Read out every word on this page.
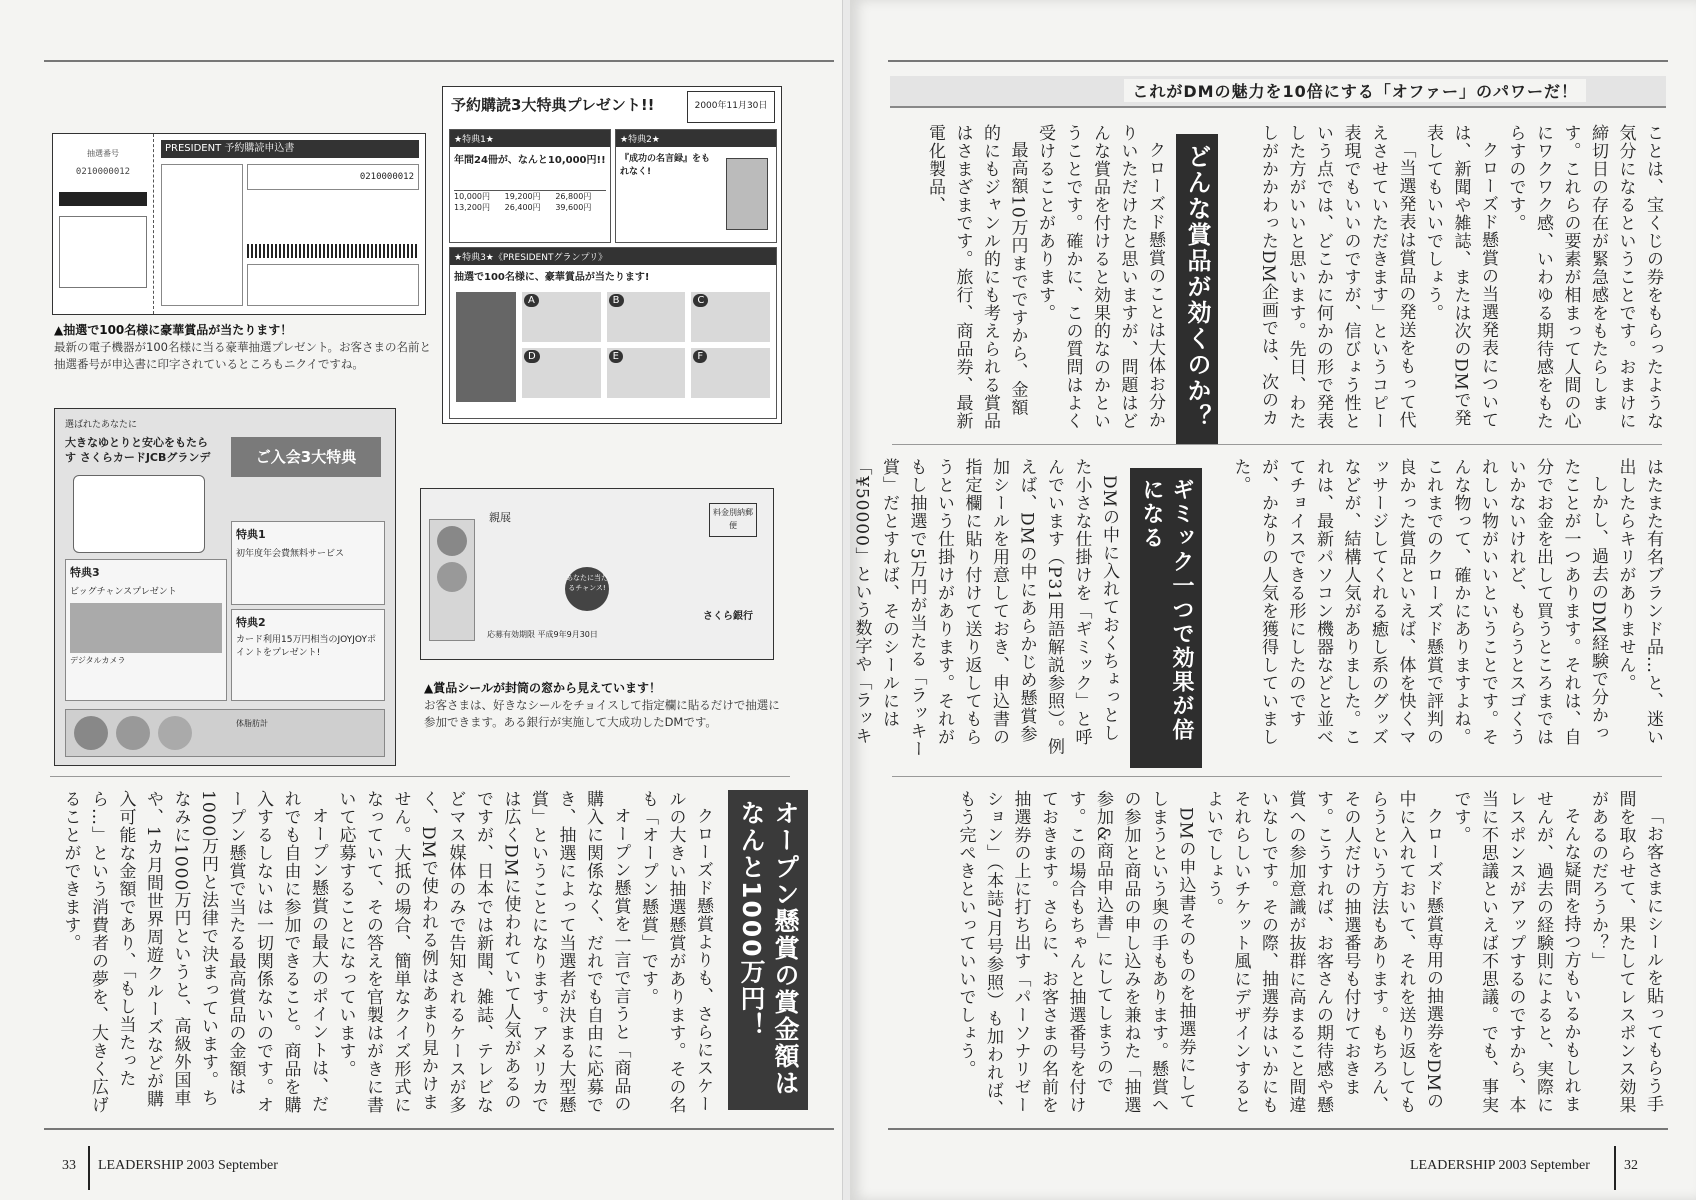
抽選番号
0210000012
PRESIDENT 予約購読申込書
0210000012
▲抽選で100名様に豪華賞品が当たります！
最新の電子機器が100名様に当る豪華抽選プレゼント。お客さまの名前と抽選番号が申込書に印字されているところもニクイですね。
予約購読3大特典プレゼント!!	2000年11月30日
★特典1★
年間24冊が、なんと10,000円!!
10,000円	19,200円	26,800円
13,200円	26,400円	39,600円
★特典2★
『成功の名言録』をもれなく!
★特典3★《PRESIDENTグランプリ》
抽選で100名様に、豪華賞品が当たります!
A	B	C
D	E	F
選ばれたあなたに
大きなゆとりと安心をもたらす さくらカードJCBグランデ	ご入会3大特典
特典3
ビッグチャンスプレゼント
デジタルカメラ
特典1
初年度年会費無料サービス
特典2
カード利用15万円相当のJOYJOYポイントをプレゼント!
体脂肪計
親展	料金別納郵便
あなたに当たるチャンス!
さくら銀行
応募有効期限 平成9年9月30日
▲賞品シールが封筒の窓から見えています！
お客さまは、好きなシールをチョイスして指定欄に貼るだけで抽選に参加できます。ある銀行が実施して大成功したDMです。
オープン懸賞の賞金額はなんと1000万円！

クローズド懸賞よりも、さらにスケールの大きい抽選懸賞があります。その名も「オープン懸賞」です。

オープン懸賞を一言で言うと「商品の購入に関係なく、だれでも自由に応募でき、抽選によって当選者が決まる大型懸賞」ということになります。アメリカでは広くDMに使われていて人気があるのですが、日本では新聞、雑誌、テレビなどマス媒体のみで告知されるケースが多く、DMで使われる例はあまり見かけません。大抵の場合、簡単なクイズ形式になっていて、その答えを官製はがきに書いて応募することになっています。

オープン懸賞の最大のポイントは、だれでも自由に参加できること。商品を購入するしないは一切関係ないのです。オープン懸賞で当たる最高賞品の金額は1000万円と法律で決まっています。ちなみに1000万円というと、高級外国車や、1カ月間世界周遊クルーズなどが購入可能な金額であり、「もし当たったら…」という消費者の夢を、大きく広げることができます。

33 LEADERSHIP 2003 September
これがDMの魅力を10倍にする「オファー」のパワーだ！

ことは、宝くじの券をもらったような気分になるということです。おまけに締切日の存在が緊急感をもたらします。これらの要素が相まって人間の心にワクワク感、いわゆる期待感をもたらすのです。

クローズド懸賞の当選発表については、新聞や雑誌、または次のDMで発表してもいいでしょう。

「当選発表は賞品の発送をもって代えさせていただきます」というコピー表現でもいいのですが、信びょう性という点では、どこかに何かの形で発表した方がいいと思います。先日、わたしがかかわったDM企画では、次のカ

どんな賞品が効くのか？

クローズド懸賞のことは大体お分かりいただけたと思いますが、問題はどんな賞品を付けると効果的なのかということです。確かに、この質問はよく受けることがあります。

最高額10万円までですから、金額的にもジャンル的にも考えられる賞品はさまざまです。旅行、商品券、最新電化製品、

はたまた有名ブランド品…と、迷い出したらキリがありません。

しかし、過去のDM経験で分かったことが一つあります。それは、自分でお金を出して買うところまではいかないけれど、もらうとスゴくうれしい物がいいということです。そんな物って、確かにありますよね。これまでのクローズド懸賞で評判の良かった賞品といえば、体を快くマッサージしてくれる癒し系のグッズなどが、結構人気がありました。これは、最新パソコン機器などと並べてチョイスできる形にしたのですが、かなりの人気を獲得していました。

ギミック一つで効果が倍になる

DMの中に入れておくちょっとした小さな仕掛けを「ギミック」と呼んでいます（P31用語解説参照）。例えば、DMの中にあらかじめ懸賞参加シールを用意しておき、申込書の指定欄に貼り付けて送り返してもらうという仕掛けがあります。それがもし抽選で5万円が当たる「ラッキー賞」だとすれば、そのシールには「¥50000」という数字や「ラッキ

「お客さまにシールを貼ってもらう手間を取らせて、果たしてレスポンス効果があるのだろうか？」

そんな疑問を持つ方もいるかもしれませんが、過去の経験則によると、実際にレスポンスがアップするのですから、本当に不思議といえば不思議。でも、事実です。

クローズド懸賞専用の抽選券をDMの中に入れておいて、それを送り返してもらうという方法もあります。もちろん、その人だけの抽選番号も付けておきます。こうすれば、お客さんの期待感や懸賞への参加意識が抜群に高まること間違いなしです。その際、抽選券はいかにもそれらしいチケット風にデザインするとよいでしょう。

DMの申込書そのものを抽選券にしてしまうという奥の手もあります。懸賞への参加と商品の申し込みを兼ねた「抽選参加&商品申込書」にしてしまうのです。この場合もちゃんと抽選番号を付けておきます。さらに、お客さまの名前を抽選券の上に打ち出す「パーソナリゼーション」（本誌7月号参照）も加われば、もう完ぺきといっていいでしょう。

LEADERSHIP 2003 September 32
